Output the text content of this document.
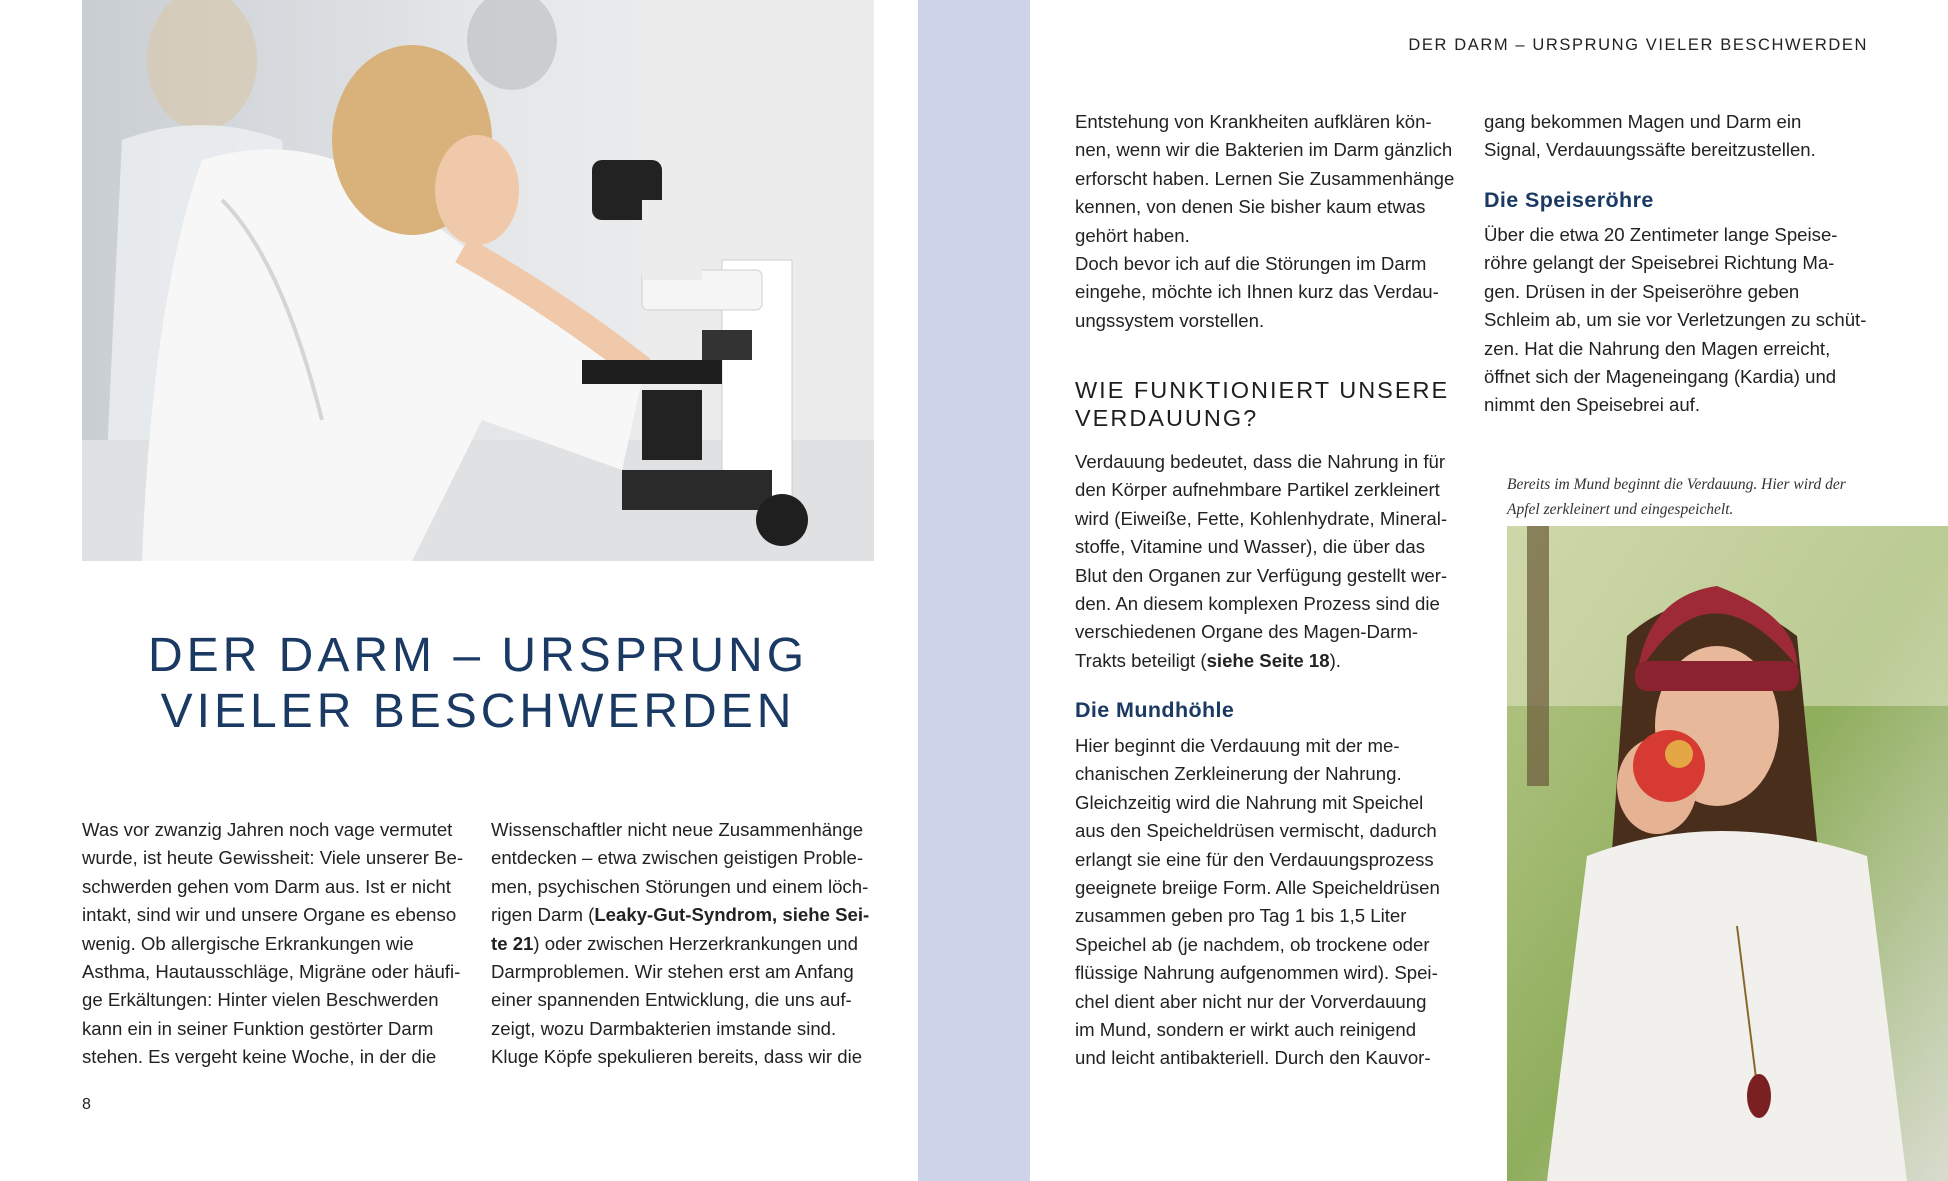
DER DARM – URSPRUNG VIELER BESCHWERDEN

Was vor zwanzig Jahren noch vage vermutet
wurde, ist heute Gewissheit: Viele unserer Be-
schwerden gehen vom Darm aus. Ist er nicht
intakt, sind wir und unsere Organe es ebenso
wenig. Ob allergische Erkrankungen wie
Asthma, Hautausschläge, Migräne oder häufi-
ge Erkältungen: Hinter vielen Beschwerden
kann ein in seiner Funktion gestörter Darm
stehen. Es vergeht keine Woche, in der die

Wissenschaftler nicht neue Zusammenhänge
entdecken – etwa zwischen geistigen Proble-
men, psychischen Störungen und einem löch-
rigen Darm (Leaky-Gut-Syndrom, siehe Sei-
te 21) oder zwischen Herzerkrankungen und
Darmproblemen. Wir stehen erst am Anfang
einer spannenden Entwicklung, die uns auf-
zeigt, wozu Darmbakterien imstande sind.
Kluge Köpfe spekulieren bereits, dass wir die

8
DER DARM – URSPRUNG VIELER BESCHWERDEN

Entstehung von Krankheiten aufklären kön-
nen, wenn wir die Bakterien im Darm gänzlich
erforscht haben. Lernen Sie Zusammenhänge
kennen, von denen Sie bisher kaum etwas
gehört haben.
Doch bevor ich auf die Störungen im Darm
eingehe, möchte ich Ihnen kurz das Verdau-
ungssystem vorstellen.

WIE FUNKTIONIERT UNSERE VERDAUUNG?

Verdauung bedeutet, dass die Nahrung in für
den Körper aufnehmbare Partikel zerkleinert
wird (Eiweiße, Fette, Kohlenhydrate, Mineral-
stoffe, Vitamine und Wasser), die über das
Blut den Organen zur Verfügung gestellt wer-
den. An diesem komplexen Prozess sind die
verschiedenen Organe des Magen-Darm-
Trakts beteiligt (siehe Seite 18).

Die Mundhöhle

Hier beginnt die Verdauung mit der me-
chanischen Zerkleinerung der Nahrung.
Gleichzeitig wird die Nahrung mit Speichel
aus den Speicheldrüsen vermischt, dadurch
erlangt sie eine für den Verdauungsprozess
geeignete breiige Form. Alle Speicheldrüsen
zusammen geben pro Tag 1 bis 1,5 Liter
Speichel ab (je nachdem, ob trockene oder
flüssige Nahrung aufgenommen wird). Spei-
chel dient aber nicht nur der Vorverdauung
im Mund, sondern er wirkt auch reinigend
und leicht antibakteriell. Durch den Kauvor-

gang bekommen Magen und Darm ein
Signal, Verdauungssäfte bereitzustellen.

Die Speiseröhre

Über die etwa 20 Zentimeter lange Speise-
röhre gelangt der Speisebrei Richtung Ma-
gen. Drüsen in der Speiseröhre geben
Schleim ab, um sie vor Verletzungen zu schüt-
zen. Hat die Nahrung den Magen erreicht,
öffnet sich der Mageneingang (Kardia) und
nimmt den Speisebrei auf.

Bereits im Mund beginnt die Verdauung. Hier wird der
Apfel zerkleinert und eingespeichelt.
